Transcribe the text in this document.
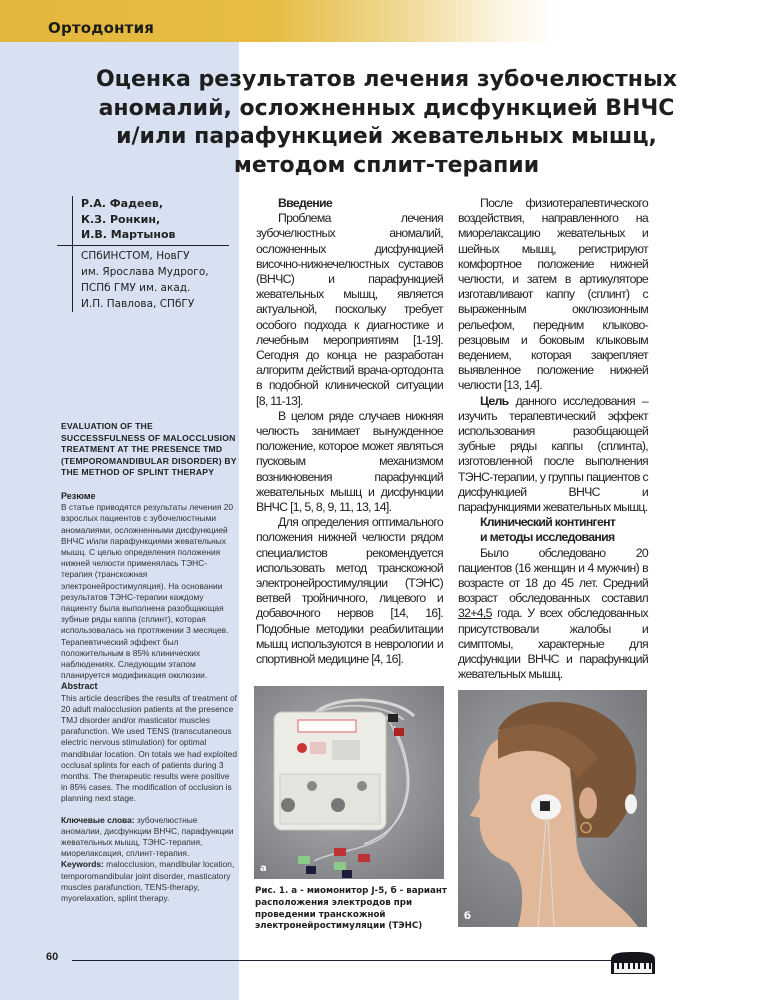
Ортодонтия
Оценка результатов лечения зубочелюстных
аномалий, осложненных дисфункцией ВНЧС
и/или парафункцией жевательных мышц,
методом сплит-терапии
Р.А. Фадеев,
К.З. Ронкин,
И.В. Мартынов
СПбИНСТОМ, НовГУ
им. Ярослава Мудрого,
ПСПб ГМУ им. акад.
И.П. Павлова, СПбГУ
EVALUATION OF THE SUCCESSFULNESS OF MALOCCLUSION TREATMENT AT THE PRESENCE TMD (TEMPOROMANDIBULAR DISORDER) BY THE METHOD OF SPLINT THERAPY
Резюме

В статье приводятся результаты лечения 20 взрослых пациентов с зубочелюстными аномалиями, осложненными дисфункцией ВНЧС и/или парафункциями жевательных мышц. С целью определения положения нижней челюсти применялась ТЭНС-терапия (транскожная электронейростимуляция). На основании результатов ТЭНС-терапии каждому пациенту была выполнена разобщающая зубные ряды каппа (сплинт), которая использовалась на протяжении 3 месяцев. Терапевтический эффект был положительным в 85% клинических наблюдениях. Следующим этапом планируется модификация окклюзии.

Abstract

This article describes the results of treatment of 20 adult malocclusion patients at the presence TMJ disorder and/or masticator muscles parafunction. We used TENS (transcutaneous electric nervous stimulation) for optimal mandibular location. On totals we had exploited occlusal splints for each of patients during 3 months. The therapeutic results were positive in 85% cases. The modification of occlusion is planning next stage.

Ключевые слова: зубочелюстные аномалии, дисфункции ВНЧС, парафункции жевательных мышц, ТЭНС-терапия, миорелаксация, сплинт-терапия.

Keywords: malocclusion, mandibular location, temporomandibular joint disorder, masticatory muscles parafunction, TENS-therapy, myorelaxation, splint therapy.

Введение

Проблема лечения зубочелюстных аномалий, осложненных дисфункцией височно-нижнечелюстных суставов (ВНЧС) и парафункцией жевательных мышц, является актуальной, поскольку требует особого подхода к диагностике и лечебным мероприятиям [1-19]. Сегодня до конца не разработан алгоритм действий врача-ортодонта в подобной клинической ситуации [8, 11-13].

В целом ряде случаев нижняя челюсть занимает вынужденное положение, которое может являться пусковым механизмом возникновения парафункций жевательных мышц и дисфункции ВНЧС [1, 5, 8, 9, 11, 13, 14].

Для определения оптимального положения нижней челюсти рядом специалистов рекомендуется использовать метод транскожной электронейростимуляции (ТЭНС) ветвей тройничного, лицевого и добавочного нервов [14, 16]. Подобные методики реабилитации мышц используются в неврологии и спортивной медицине [4, 16].

После физиотерапевтического воздействия, направленного на миорелаксацию жевательных и шейных мышц, регистрируют комфортное положение нижней челюсти, и затем в артикуляторе изготавливают каппу (сплинт) с выраженным окклюзионным рельефом, передним клыково-резцовым и боковым клыковым ведением, которая закрепляет выявленное положение нижней челюсти [13, 14].

Цель данного исследования – изучить терапевтический эффект использования разобщающей зубные ряды каппы (сплинта), изготовленной после выполнения ТЭНС-терапии, у группы пациентов с дисфункцией ВНЧС и парафункциями жевательных мышц.

Клинический контингент
и методы исследования

Было обследовано 20 пациентов (16 женщин и 4 мужчин) в возрасте от 18 до 45 лет. Средний возраст обследованных составил 32+4,5 года. У всех обследованных присутствовали жалобы и симптомы, характерные для дисфункции ВНЧС и парафункций жевательных мышц.

а
б
Рис. 1. а - миомонитор J-5, б - вариант расположения электродов при проведении транскожной электронейростимуляции (ТЭНС)
60
